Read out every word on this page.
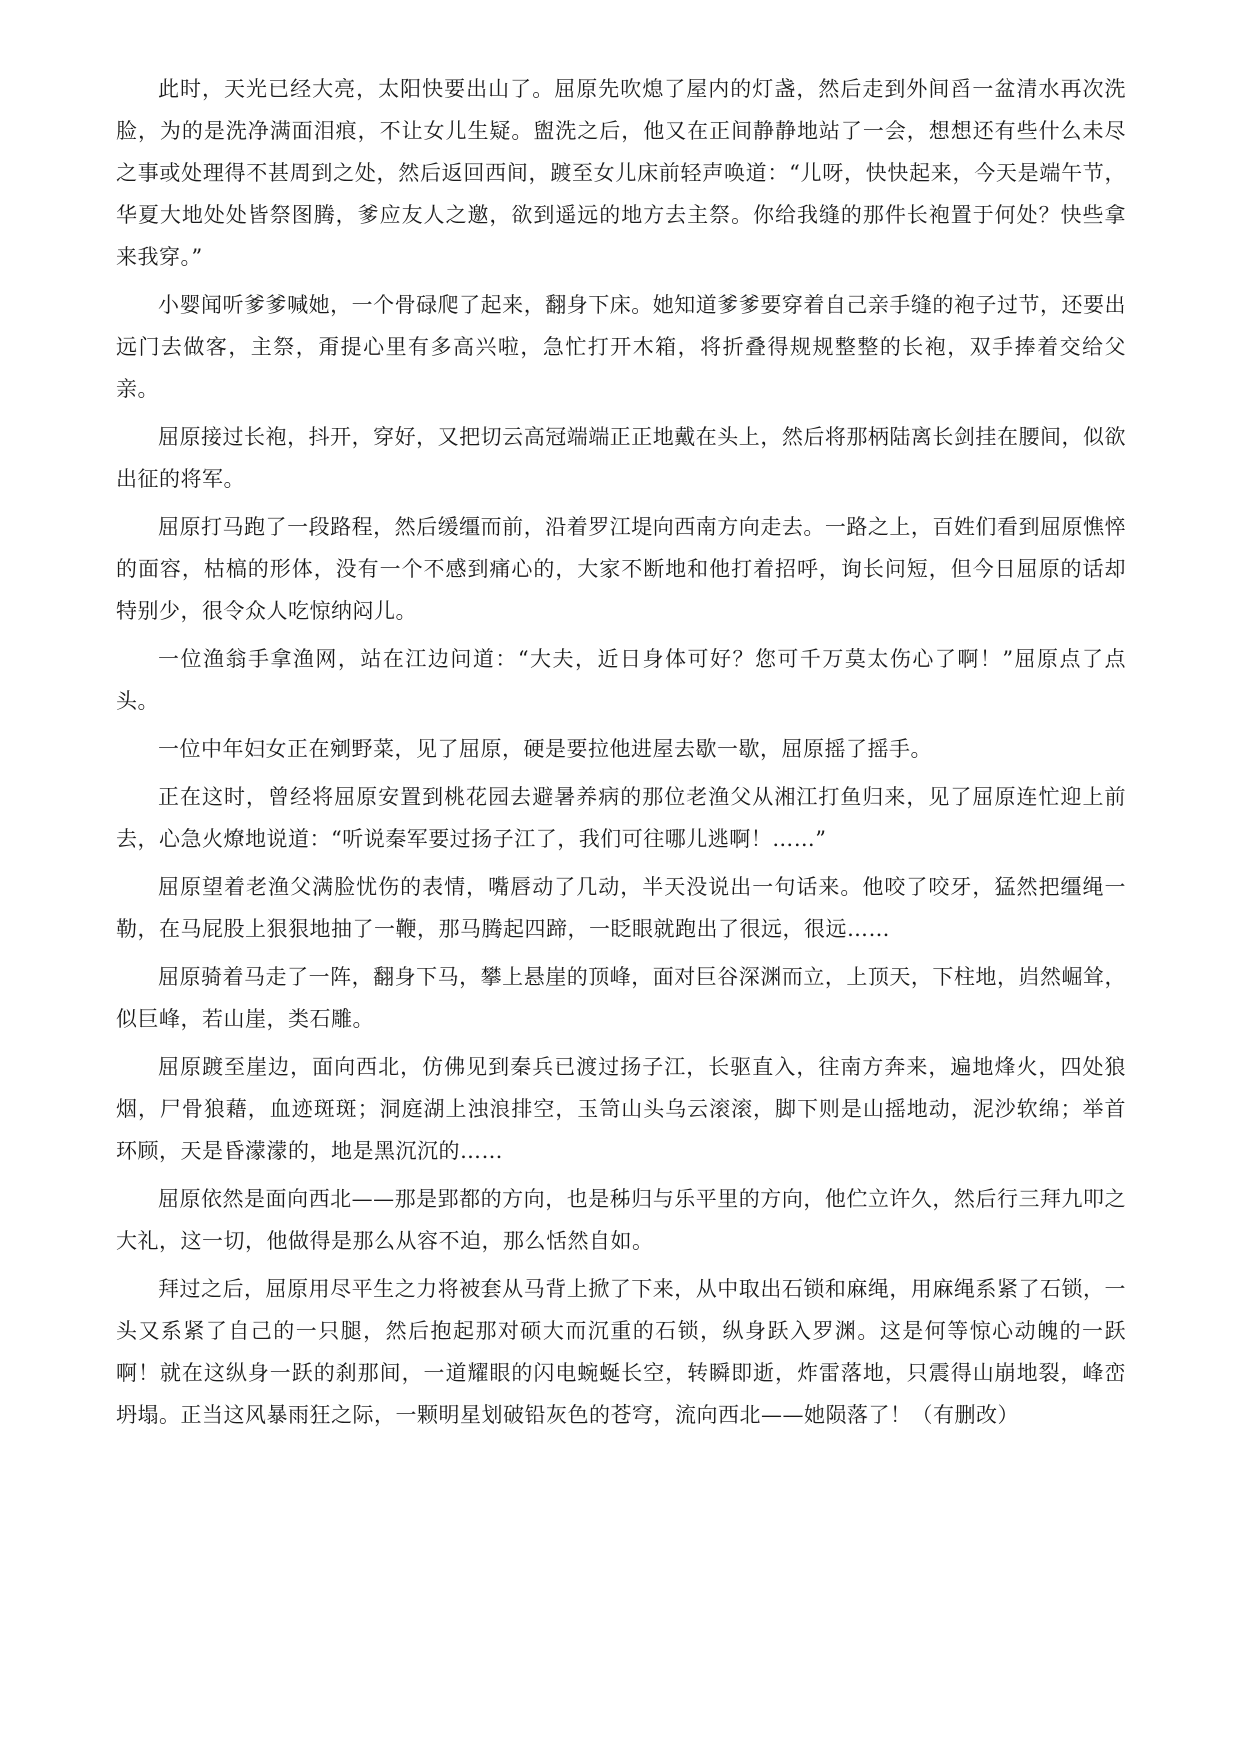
此时，天光已经大亮，太阳快要出山了。屈原先吹熄了屋内的灯盏，然后走到外间舀一盆清水再次洗脸，为的是洗净满面泪痕，不让女儿生疑。盥洗之后，他又在正间静静地站了一会，想想还有些什么未尽之事或处理得不甚周到之处，然后返回西间，踱至女儿床前轻声唤道：“儿呀，快快起来，今天是端午节，华夏大地处处皆祭图腾，爹应友人之邀，欲到遥远的地方去主祭。你给我缝的那件长袍置于何处？快些拿来我穿。”

小婴闻听爹爹喊她，一个骨碌爬了起来，翻身下床。她知道爹爹要穿着自己亲手缝的袍子过节，还要出远门去做客，主祭，甭提心里有多高兴啦，急忙打开木箱，将折叠得规规整整的长袍，双手捧着交给父亲。

屈原接过长袍，抖开，穿好，又把切云高冠端端正正地戴在头上，然后将那柄陆离长剑挂在腰间，似欲出征的将军。

屈原打马跑了一段路程，然后缓缰而前，沿着罗江堤向西南方向走去。一路之上，百姓们看到屈原憔悴的面容，枯槁的形体，没有一个不感到痛心的，大家不断地和他打着招呼，询长问短，但今日屈原的话却特别少，很令众人吃惊纳闷儿。

一位渔翁手拿渔网，站在江边问道：“大夫，近日身体可好？您可千万莫太伤心了啊！”屈原点了点头。

一位中年妇女正在剜野菜，见了屈原，硬是要拉他进屋去歇一歇，屈原摇了摇手。

正在这时，曾经将屈原安置到桃花园去避暑养病的那位老渔父从湘江打鱼归来，见了屈原连忙迎上前去，心急火燎地说道：“听说秦军要过扬子江了，我们可往哪儿逃啊！……”

屈原望着老渔父满脸忧伤的表情，嘴唇动了几动，半天没说出一句话来。他咬了咬牙，猛然把缰绳一勒，在马屁股上狠狠地抽了一鞭，那马腾起四蹄，一眨眼就跑出了很远，很远……

屈原骑着马走了一阵，翻身下马，攀上悬崖的顶峰，面对巨谷深渊而立，上顶天，下柱地，岿然崛耸，似巨峰，若山崖，类石雕。

屈原踱至崖边，面向西北，仿佛见到秦兵已渡过扬子江，长驱直入，往南方奔来，遍地烽火，四处狼烟，尸骨狼藉，血迹斑斑；洞庭湖上浊浪排空，玉笥山头乌云滚滚，脚下则是山摇地动，泥沙软绵；举首环顾，天是昏濛濛的，地是黑沉沉的……

屈原依然是面向西北——那是郢都的方向，也是秭归与乐平里的方向，他伫立许久，然后行三拜九叩之大礼，这一切，他做得是那么从容不迫，那么恬然自如。

拜过之后，屈原用尽平生之力将被套从马背上掀了下来，从中取出石锁和麻绳，用麻绳系紧了石锁，一头又系紧了自己的一只腿，然后抱起那对硕大而沉重的石锁，纵身跃入罗渊。这是何等惊心动魄的一跃啊！就在这纵身一跃的刹那间，一道耀眼的闪电蜿蜒长空，转瞬即逝，炸雷落地，只震得山崩地裂，峰峦坍塌。正当这风暴雨狂之际，一颗明星划破铅灰色的苍穹，流向西北——她陨落了！（有删改）
